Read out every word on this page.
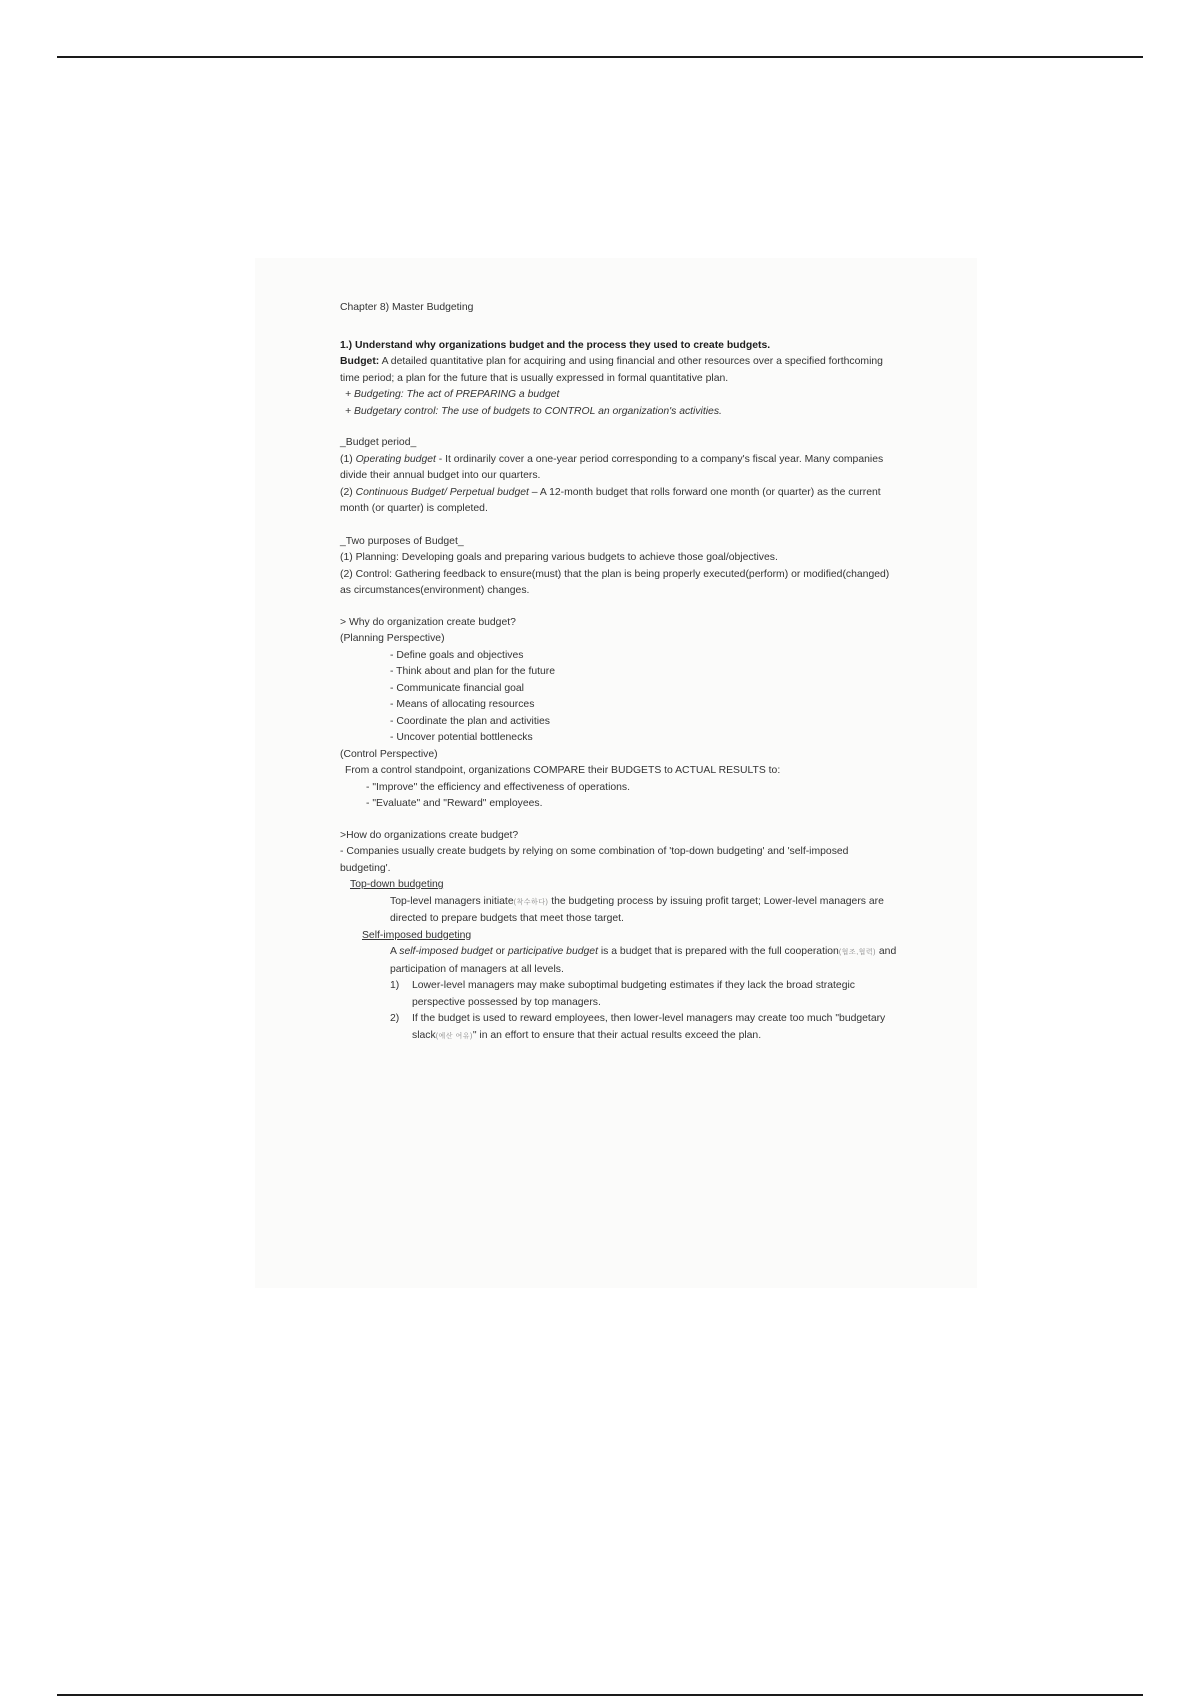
Chapter 8) Master Budgeting

1.) Understand why organizations budget and the process they used to create budgets.

Budget: A detailed quantitative plan for acquiring and using financial and other resources over a specified forthcoming time period; a plan for the future that is usually expressed in formal quantitative plan.

+ Budgeting: The act of PREPARING a budget

+ Budgetary control: The use of budgets to CONTROL an organization's activities.

_Budget period_

(1) Operating budget - It ordinarily cover a one-year period corresponding to a company's fiscal year. Many companies divide their annual budget into our quarters.

(2) Continuous Budget/ Perpetual budget – A 12-month budget that rolls forward one month (or quarter) as the current month (or quarter) is completed.

_Two purposes of Budget_

(1) Planning: Developing goals and preparing various budgets to achieve those goal/objectives.

(2) Control: Gathering feedback to ensure(must) that the plan is being properly executed(perform) or modified(changed) as circumstances(environment) changes.

> Why do organization create budget?

(Planning Perspective)

- Define goals and objectives

- Think about and plan for the future

- Communicate financial goal

- Means of allocating resources

- Coordinate the plan and activities

- Uncover potential bottlenecks

(Control Perspective)

From a control standpoint, organizations COMPARE their BUDGETS to ACTUAL RESULTS to:

- "Improve" the efficiency and effectiveness of operations.

- "Evaluate" and "Reward" employees.

>How do organizations create budget?

- Companies usually create budgets by relying on some combination of 'top-down budgeting' and 'self-imposed budgeting'.

Top-down budgeting

Top-level managers initiate(착수하다) the budgeting process by issuing profit target; Lower-level managers are directed to prepare budgets that meet those target.

Self-imposed budgeting

A self-imposed budget or participative budget is a budget that is prepared with the full cooperation(협조,협력) and participation of managers at all levels.

1)	Lower-level managers may make suboptimal budgeting estimates if they lack the broad strategic perspective possessed by top managers.
2)	If the budget is used to reward employees, then lower-level managers may create too much "budgetary slack(예산 여유)" in an effort to ensure that their actual results exceed the plan.
